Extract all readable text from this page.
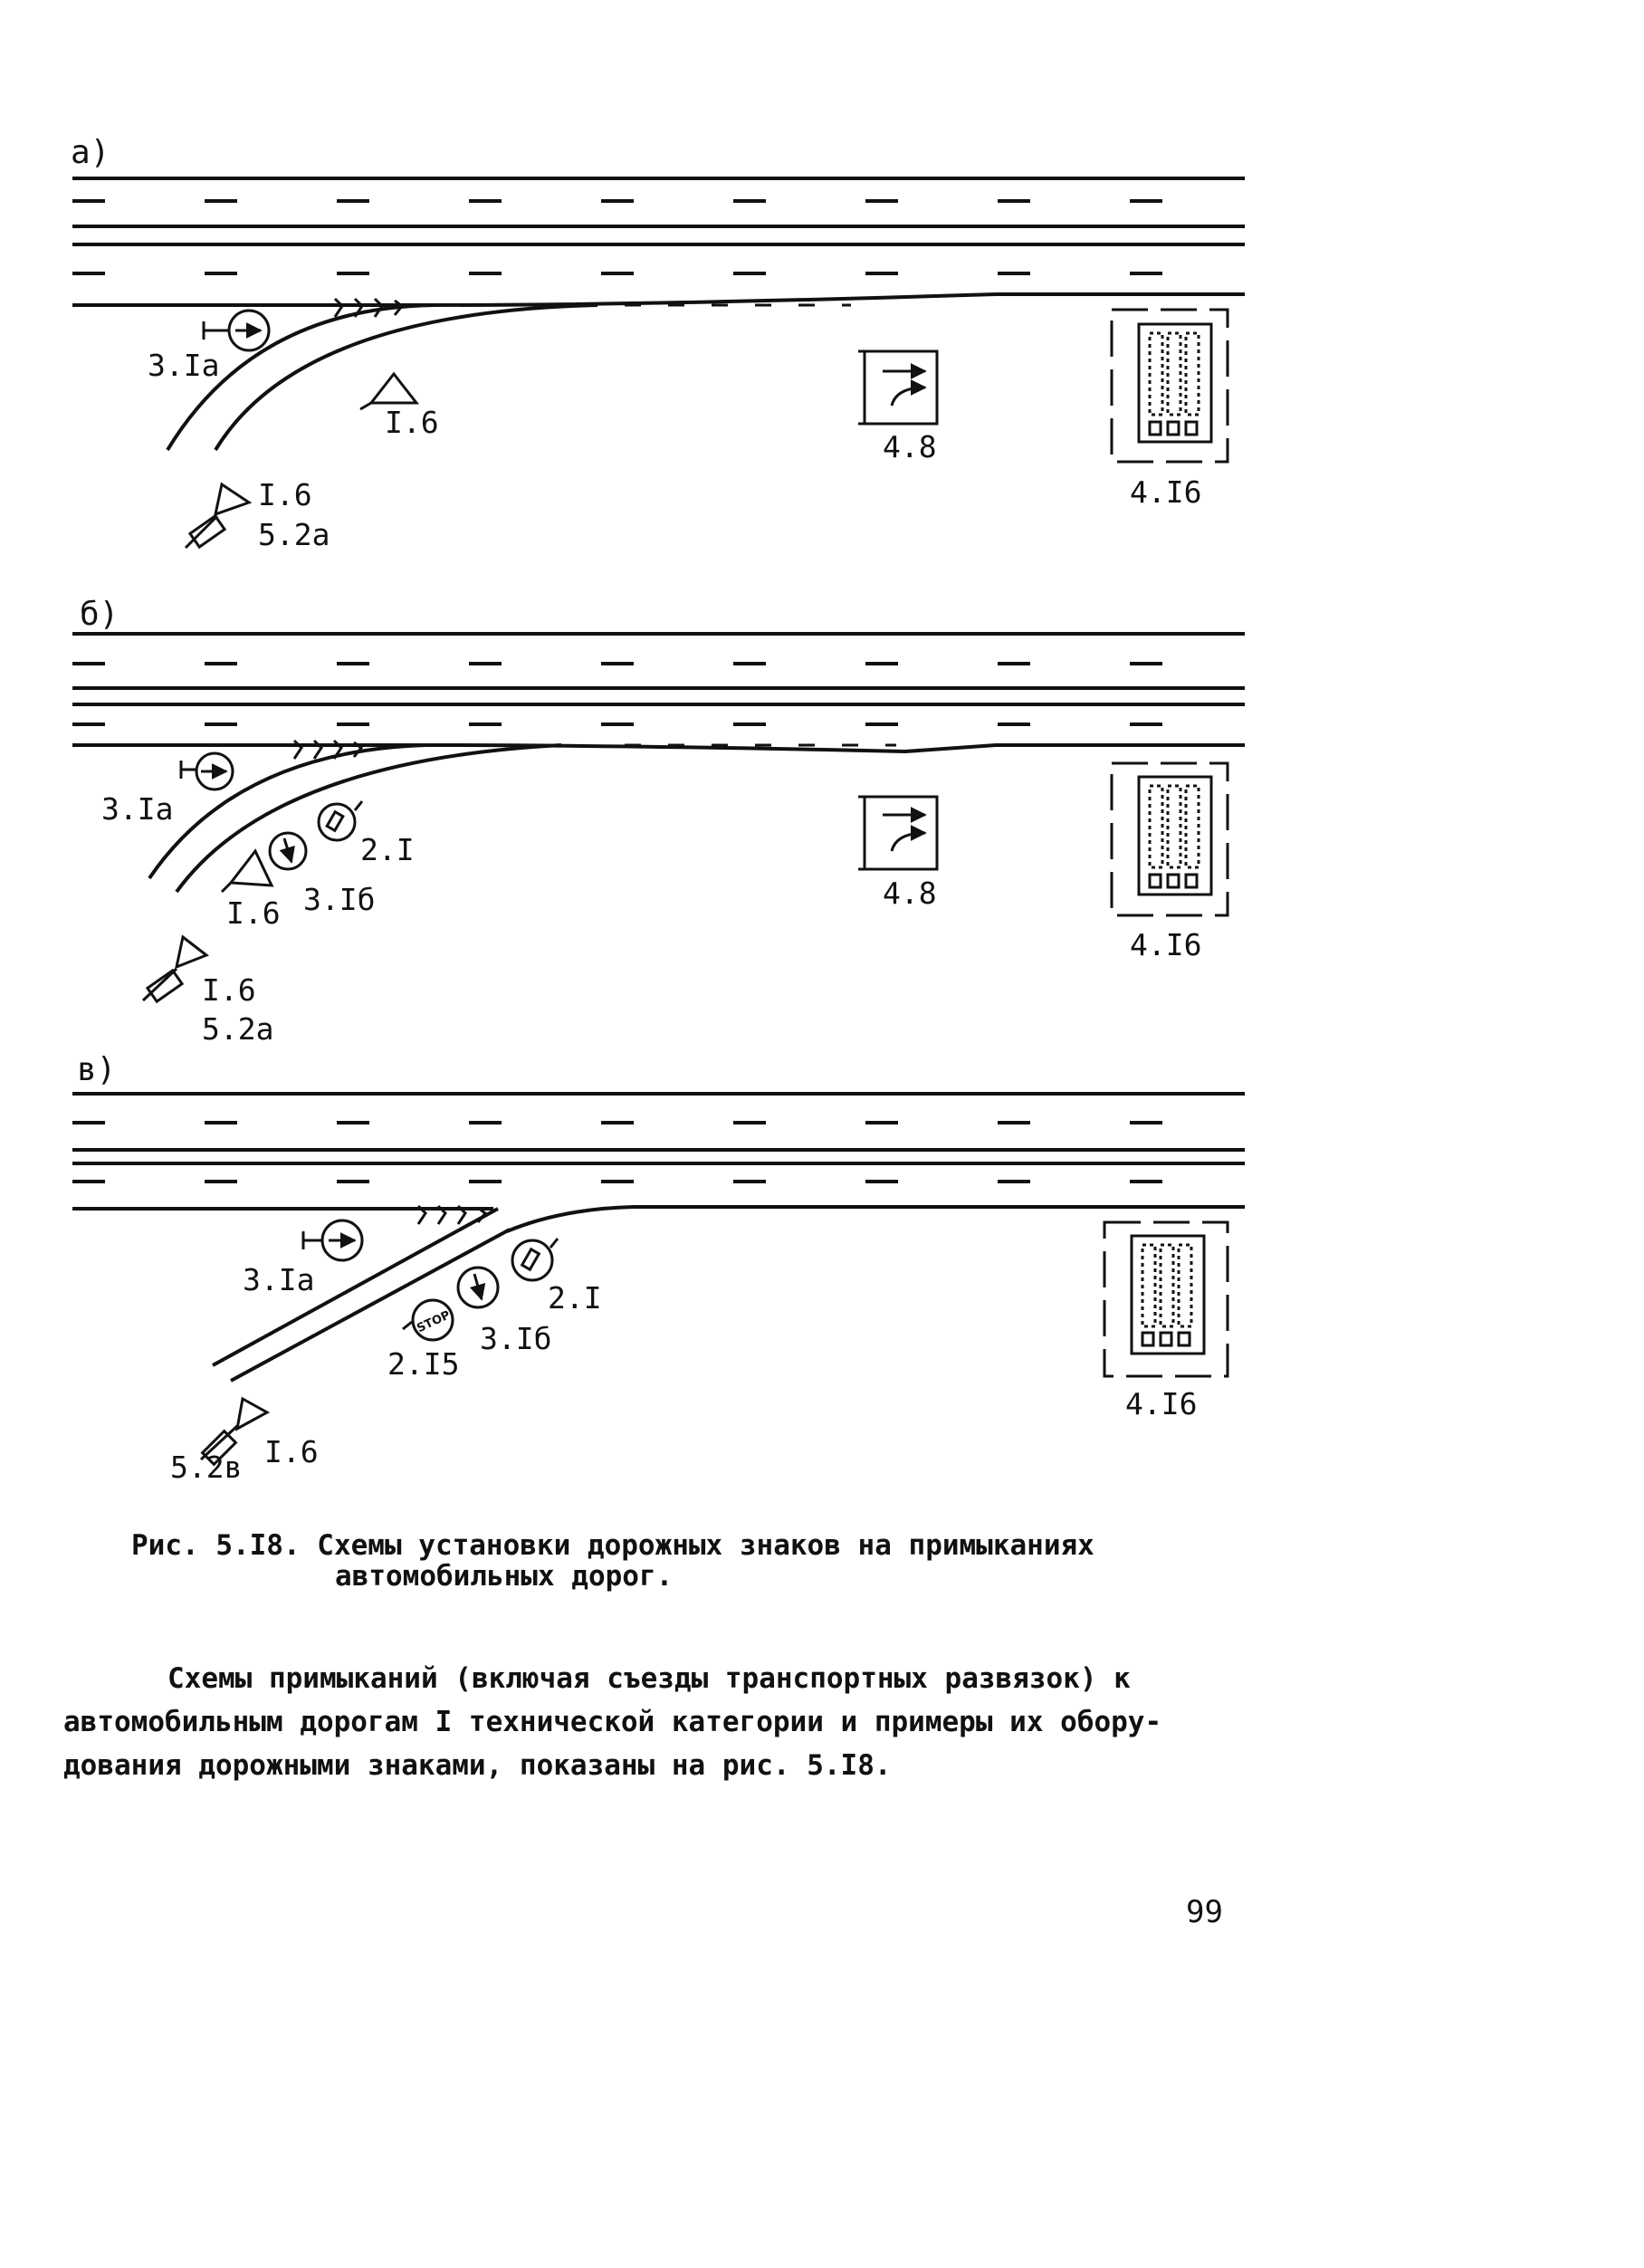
а)
3.Iа
I.6
I.6
5.2а
4.8
4.I6
б)
3.Iа
2.I
I.6 3.Iб
I.6
5.2а
4.8
4.I6
в)
3.Iа
2.I
3.Iб
STOP
2.I5
5.2в I.6
4.I6

Рис. 5.I8. Схемы установки дорожных знаков на примыканиях
автомобильных дорог.

Схемы примыканий (включая съезды транспортных развязок) к
автомобильным дорогам I технической категории и примеры их обору-
дования дорожными знаками, показаны на рис. 5.I8.

99
